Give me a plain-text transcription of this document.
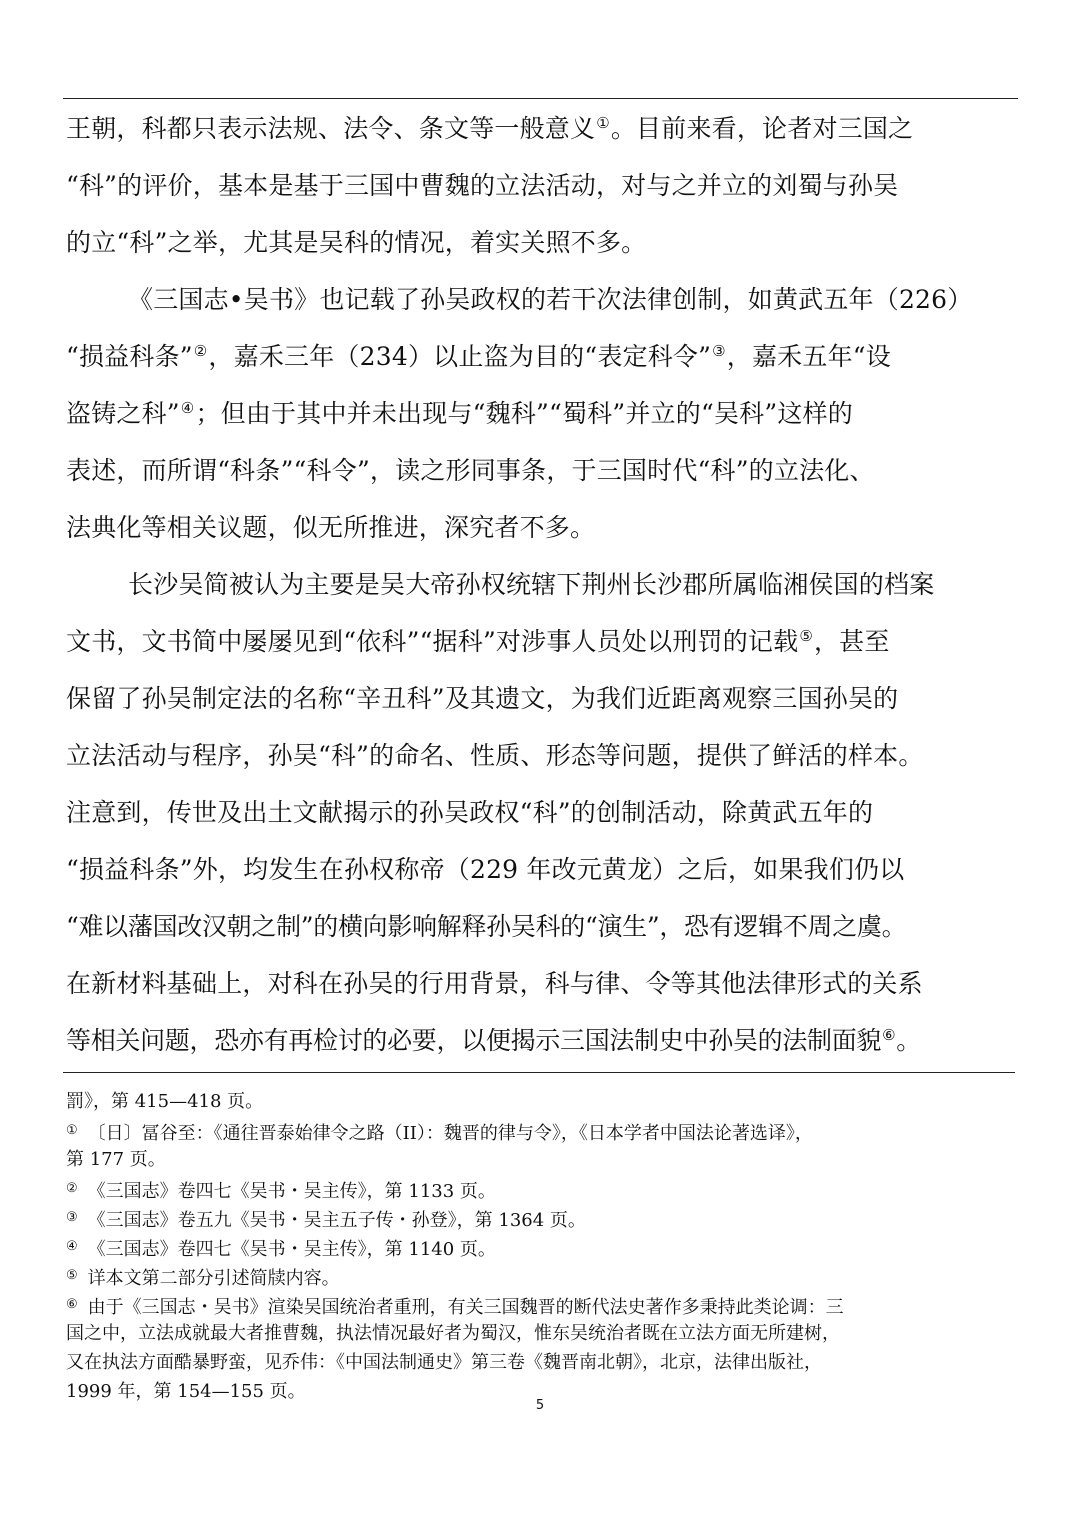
王朝，科都只表示法规、法令、条文等一般意义①。目前来看，论者对三国之
“科”的评价，基本是基于三国中曹魏的立法活动，对与之并立的刘蜀与孙吴
的立“科”之举，尤其是吴科的情况，着实关照不多。
《三国志•吴书》也记载了孙吴政权的若干次法律创制，如黄武五年（226）
“损益科条”②，嘉禾三年（234）以止盗为目的“表定科令”③，嘉禾五年“设
盗铸之科”④；但由于其中并未出现与“魏科”“蜀科”并立的“吴科”这样的
表述，而所谓“科条”“科令”，读之形同事条，于三国时代“科”的立法化、
法典化等相关议题，似无所推进，深究者不多。
长沙吴简被认为主要是吴大帝孙权统辖下荆州长沙郡所属临湘侯国的档案
文书，文书简中屡屡见到“依科”“据科”对涉事人员处以刑罚的记载⑤，甚至
保留了孙吴制定法的名称“辛丑科”及其遗文，为我们近距离观察三国孙吴的
立法活动与程序，孙吴“科”的命名、性质、形态等问题，提供了鲜活的样本。
注意到，传世及出土文献揭示的孙吴政权“科”的创制活动，除黄武五年的
“损益科条”外，均发生在孙权称帝（229 年改元黄龙）之后，如果我们仍以
“难以藩国改汉朝之制”的横向影响解释孙吴科的“演生”，恐有逻辑不周之虞。
在新材料基础上，对科在孙吴的行用背景，科与律、令等其他法律形式的关系
等相关问题，恐亦有再检讨的必要，以便揭示三国法制史中孙吴的法制面貌⑥。
罰》，第 415—418 页。
① 〔日〕冨谷至：《通往晋泰始律令之路（II）：魏晋的律与令》，《日本学者中国法论著选译》，
第 177 页。
② 《三国志》卷四七《吴书・吴主传》，第 1133 页。
③ 《三国志》卷五九《吴书・吴主五子传・孙登》，第 1364 页。
④ 《三国志》卷四七《吴书・吴主传》，第 1140 页。
⑤ 详本文第二部分引述简牍内容。
⑥ 由于《三国志・吴书》渲染吴国统治者重刑，有关三国魏晋的断代法史著作多秉持此类论调：三
国之中，立法成就最大者推曹魏，执法情况最好者为蜀汉，惟东吴统治者既在立法方面无所建树，
又在执法方面酷暴野蛮，见乔伟：《中国法制通史》第三卷《魏晋南北朝》，北京，法律出版社，
1999 年，第 154—155 页。
5
